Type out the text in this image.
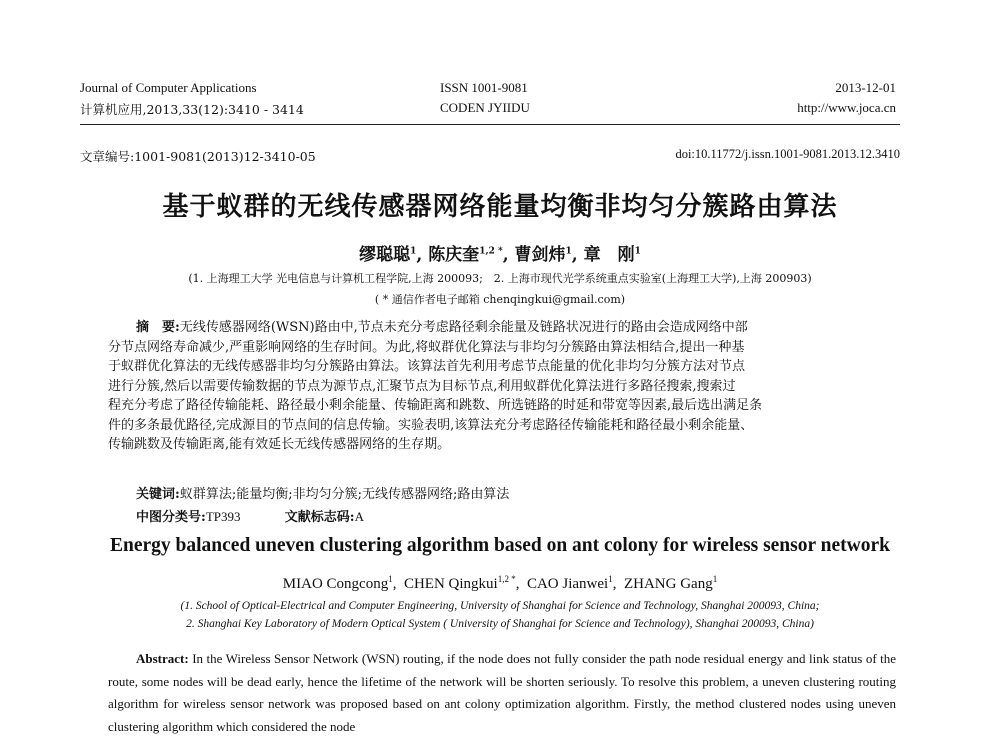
Journal of Computer Applications
计算机应用,2013,33(12):3410 - 3414
ISSN 1001-9081
CODEN JYIIDU
2013-12-01
http://www.joca.cn
文章编号:1001-9081(2013)12-3410-05	doi:10.11772/j.issn.1001-9081.2013.12.3410
基于蚁群的无线传感器网络能量均衡非均匀分簇路由算法
缪聪聪$^1$, 陈庆奎$^{1,2 *}$, 曹剑炜$^1$, 章　刚$^1$
(1. 上海理工大学 光电信息与计算机工程学院,上海 200093;　2. 上海市现代光学系统重点实验室(上海理工大学),上海 200903)
( * 通信作者电子邮箱 chenqingkui@gmail.com)
摘　要:无线传感器网络(WSN)路由中,节点未充分考虑路径剩余能量及链路状况进行的路由会造成网络中部
分节点网络寿命减少,严重影响网络的生存时间。为此,将蚁群优化算法与非均匀分簇路由算法相结合,提出一种基
于蚁群优化算法的无线传感器非均匀分簇路由算法。该算法首先利用考虑节点能量的优化非均匀分簇方法对节点
进行分簇,然后以需要传输数据的节点为源节点,汇聚节点为目标节点,利用蚁群优化算法进行多路径搜索,搜索过
程充分考虑了路径传输能耗、路径最小剩余能量、传输距离和跳数、所选链路的时延和带宽等因素,最后选出满足条
件的多条最优路径,完成源目的节点间的信息传输。实验表明,该算法充分考虑路径传输能耗和路径最小剩余能量、
传输跳数及传输距离,能有效延长无线传感器网络的生存期。
关键词:蚁群算法;能量均衡;非均匀分簇;无线传感器网络;路由算法
中图分类号:TP393	文献标志码:A
Energy balanced uneven clustering algorithm based on ant colony for wireless sensor network
MIAO Congcong$^1$,  CHEN Qingkui$^{1,2 *}$,  CAO Jianwei$^1$,  ZHANG Gang$^1$
(1. School of Optical-Electrical and Computer Engineering, University of Shanghai for Science and Technology, Shanghai 200093, China;
2. Shanghai Key Laboratory of Modern Optical System ( University of Shanghai for Science and Technology), Shanghai 200093, China)
Abstract: In the Wireless Sensor Network (WSN) routing, if the node does not fully consider the path node residual energy and link status of the route, some nodes will be dead early, hence the lifetime of the network will be shorten seriously. To resolve this problem, a uneven clustering routing algorithm for wireless sensor network was proposed based on ant colony optimization algorithm. Firstly, the method clustered nodes using uneven clustering algorithm which considered the node
